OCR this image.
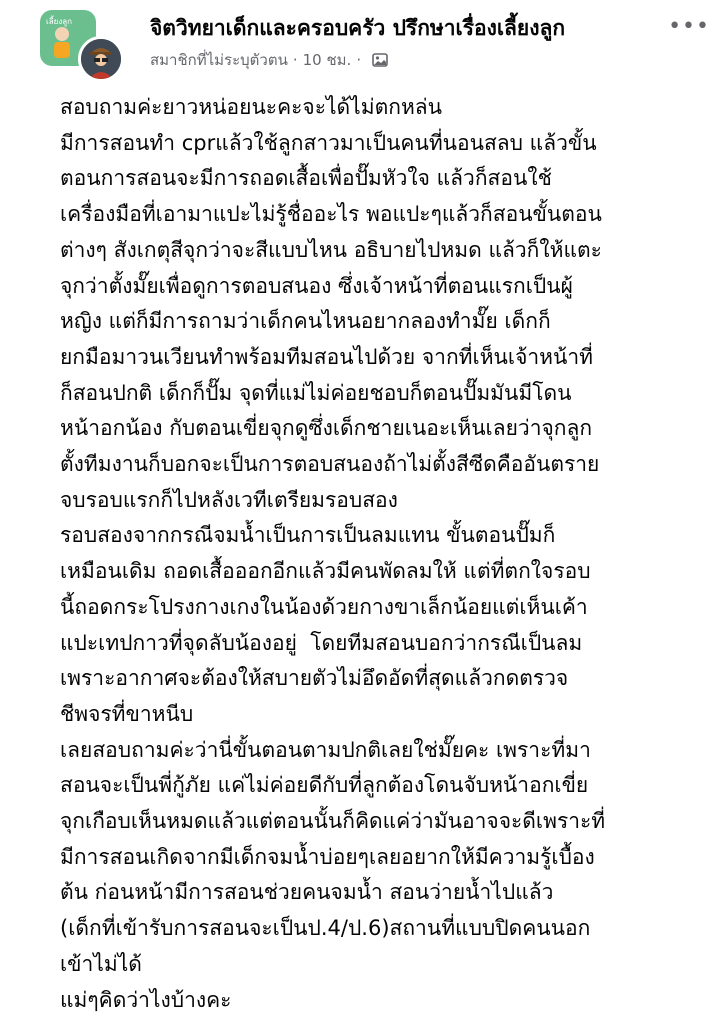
เลี้ยงลูก	จิตวิทยาเด็กและครอบครัว ปรึกษาเรื่องเลี้ยงลูก	•••
สมาชิกที่ไม่ระบุตัวตน · 10 ชม. ·
สอบถามค่ะยาวหน่อยนะคะจะได้ไม่ตกหล่น
มีการสอนทำ cprแล้วใช้ลูกสาวมาเป็นคนที่นอนสลบ แล้วขั้น
ตอนการสอนจะมีการถอดเสื้อเพื่อปั๊มหัวใจ แล้วก็สอนใช้
เครื่องมือที่เอามาแปะไม่รู้ชื่ออะไร พอแปะๆแล้วก็สอนขั้นตอน
ต่างๆ สังเกตุสีจุกว่าจะสีแบบไหน อธิบายไปหมด แล้วก็ให้แตะ
จุกว่าตั้งมั๊ยเพื่อดูการตอบสนอง ซึ่งเจ้าหน้าที่ตอนแรกเป็นผู้
หญิง แต่ก็มีการถามว่าเด็กคนไหนอยากลองทำมั๊ย เด็กก็
ยกมือมาวนเวียนทำพร้อมทีมสอนไปด้วย จากที่เห็นเจ้าหน้าที่
ก็สอนปกติ เด็กก็ปั๊ม จุดที่แม่ไม่ค่อยชอบก็ตอนปั๊มมันมีโดน
หน้าอกน้อง กับตอนเขี่ยจุกดูซึ่งเด็กชายเนอะเห็นเลยว่าจุกลูก
ตั้งทีมงานก็บอกจะเป็นการตอบสนองถ้าไม่ตั้งสีซีดคืออันตราย
จบรอบแรกก็ไปหลังเวทีเตรียมรอบสอง
รอบสองจากกรณีจมน้ำเป็นการเป็นลมแทน ขั้นตอนปั๊มก็
เหมือนเดิม ถอดเสื้อออกอีกแล้วมีคนพัดลมให้ แต่ที่ตกใจรอบ
นี้ถอดกระโปรงกางเกงในน้องด้วยกางขาเล็กน้อยแต่เห็นเค้า
แปะเทปกาวที่จุดลับน้องอยู่  โดยทีมสอนบอกว่ากรณีเป็นลม
เพราะอากาศจะต้องให้สบายตัวไม่อึดอัดที่สุดแล้วกดตรวจ
ชีพจรที่ขาหนีบ
เลยสอบถามค่ะว่านี่ขั้นตอนตามปกติเลยใช่มั๊ยคะ เพราะที่มา
สอนจะเป็นพี่กู้ภัย แค่ไม่ค่อยดีกับที่ลูกต้องโดนจับหน้าอกเขี่ย
จุกเกือบเห็นหมดแล้วแต่ตอนนั้นก็คิดแค่ว่ามันอาจจะดีเพราะที่
มีการสอนเกิดจากมีเด็กจมน้ำบ่อยๆเลยอยากให้มีความรู้เบื้อง
ต้น ก่อนหน้ามีการสอนช่วยคนจมน้ำ สอนว่ายน้ำไปแล้ว
(เด็กที่เข้ารับการสอนจะเป็นป.4/ป.6)สถานที่แบบปิดคนนอก
เข้าไม่ได้
แม่ๆคิดว่าไงบ้างคะ
